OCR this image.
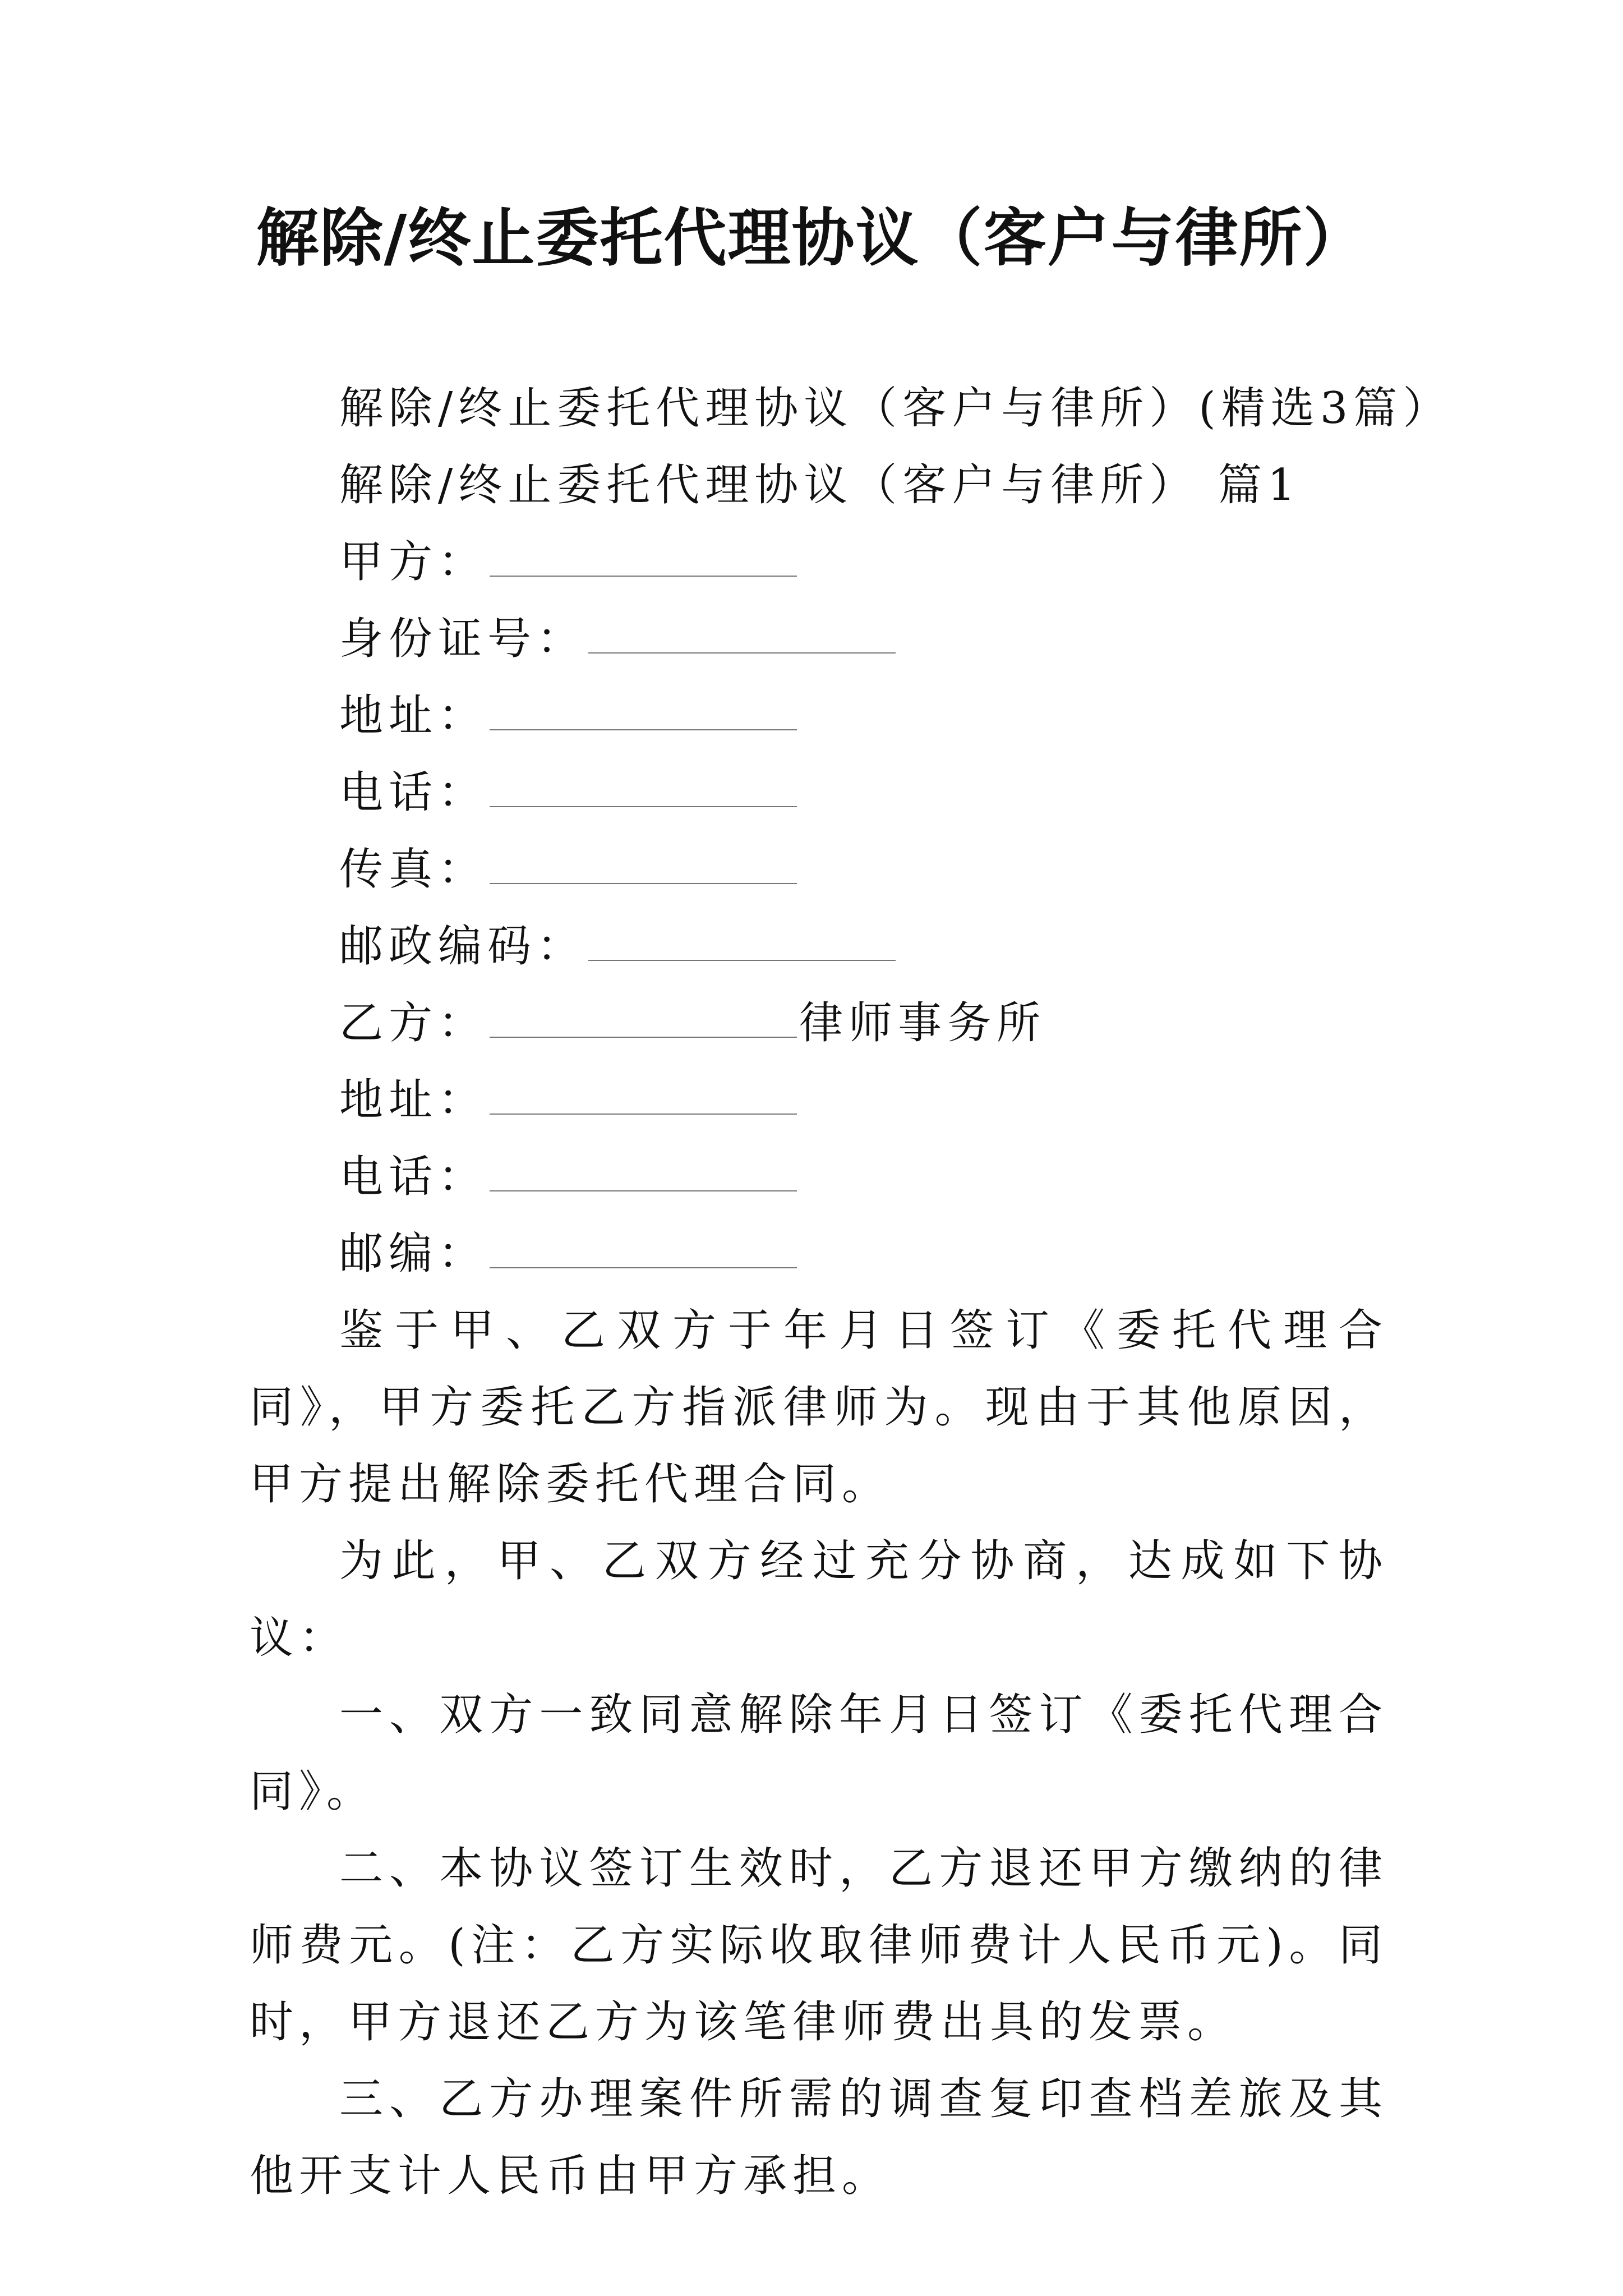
解除/终止委托代理协议（客户与律所）
解除/终止委托代理协议（客户与律所）(精选3篇）
解除/终止委托代理协议（客户与律所） 篇1
甲方：
身份证号：
地址：
电话：
传真：
邮政编码：
乙方：	律师事务所
地址：
电话：
邮编：
鉴于甲、乙双方于年月日签订《委托代理合同》，甲方委托乙方指派律师为。现由于其他原因，甲方提出解除委托代理合同。
为此，甲、乙双方经过充分协商，达成如下协议：
一、双方一致同意解除年月日签订《委托代理合同》。
二、本协议签订生效时，乙方退还甲方缴纳的律师费元。(注：乙方实际收取律师费计人民币元)。同时，甲方退还乙方为该笔律师费出具的发票。
三、乙方办理案件所需的调查复印查档差旅及其他开支计人民币由甲方承担。
